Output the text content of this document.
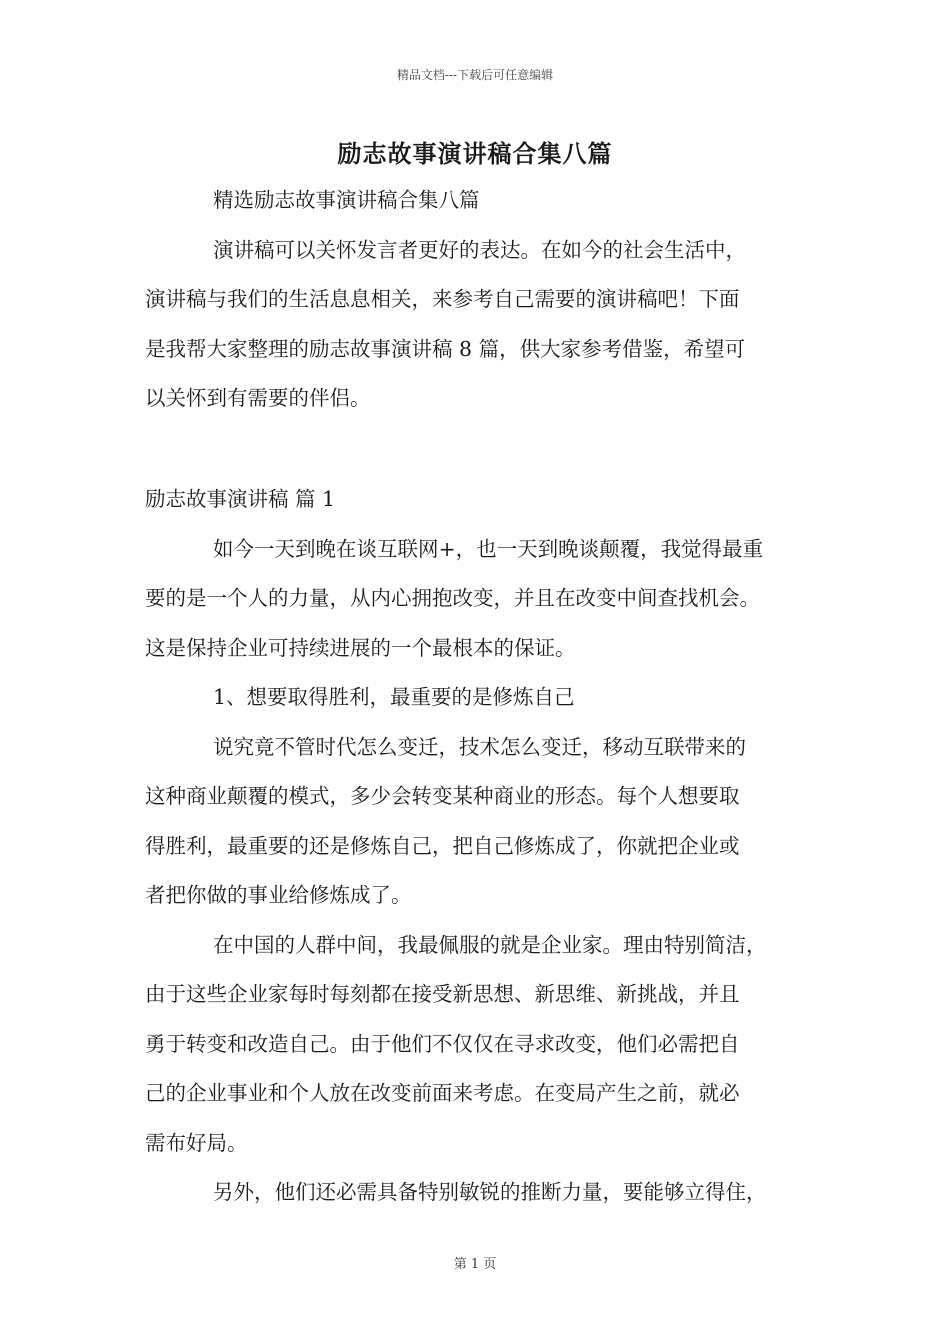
精品文档---下载后可任意编辑
励志故事演讲稿合集八篇
精选励志故事演讲稿合集八篇
演讲稿可以关怀发言者更好的表达。在如今的社会生活中，
演讲稿与我们的生活息息相关，来参考自己需要的演讲稿吧！下面
是我帮大家整理的励志故事演讲稿 8 篇，供大家参考借鉴，希望可
以关怀到有需要的伴侣。
励志故事演讲稿 篇 1
如今一天到晚在谈互联网+，也一天到晚谈颠覆，我觉得最重
要的是一个人的力量，从内心拥抱改变，并且在改变中间查找机会。
这是保持企业可持续进展的一个最根本的保证。
1、想要取得胜利，最重要的是修炼自己
说究竟不管时代怎么变迁，技术怎么变迁，移动互联带来的
这种商业颠覆的模式，多少会转变某种商业的形态。每个人想要取
得胜利，最重要的还是修炼自己，把自己修炼成了，你就把企业或
者把你做的事业给修炼成了。
在中国的人群中间，我最佩服的就是企业家。理由特别简洁，
由于这些企业家每时每刻都在接受新思想、新思维、新挑战，并且
勇于转变和改造自己。由于他们不仅仅在寻求改变，他们必需把自
己的企业事业和个人放在改变前面来考虑。在变局产生之前，就必
需布好局。
另外，他们还必需具备特别敏锐的推断力量，要能够立得住，
第 1 页
